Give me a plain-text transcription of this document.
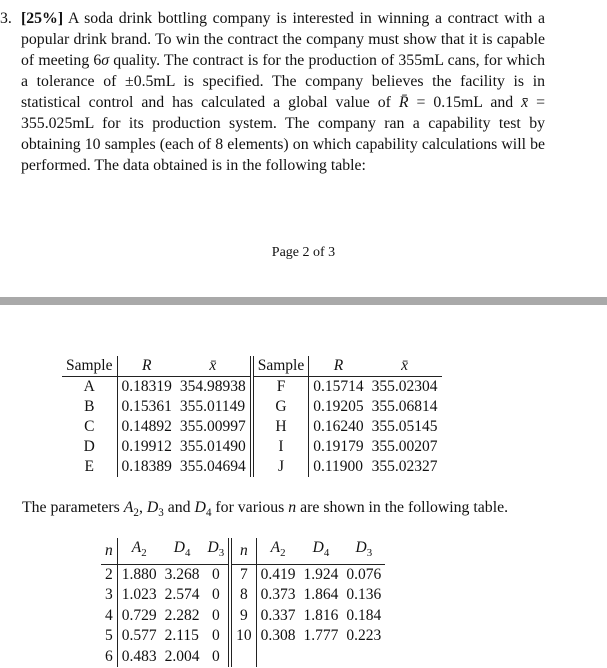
3. [25%] A soda drink bottling company is interested in winning a contract with a popular drink brand. To win the contract the company must show that it is capable of meeting 6σ quality. The contract is for the production of 355mL cans, for which a tolerance of ±0.5mL is specified. The company believes the facility is in statistical control and has calculated a global value of R̄ = 0.15mL and x̄ = 355.025mL for its production system. The company ran a capability test by obtaining 10 samples (each of 8 elements) on which capability calculations will be performed. The data obtained is in the following table:
Page 2 of 3
Sample	R	x̄	Sample	R	x̄
A	0.18319	354.98938	F	0.15714	355.02304
B	0.15361	355.01149	G	0.19205	355.06814
C	0.14892	355.00997	H	0.16240	355.05145
D	0.19912	355.01490	I	0.19179	355.00207
E	0.18389	355.04694	J	0.11900	355.02327
The parameters $A_2$, $D_3$ and $D_4$ for various n are shown in the following table.
n	$A_2$	$D_4$	$D_3$	n	$A_2$	$D_4$	$D_3$
2	1.880	3.268	0	7	0.419	1.924	0.076
3	1.023	2.574	0	8	0.373	1.864	0.136
4	0.729	2.282	0	9	0.337	1.816	0.184
5	0.577	2.115	0	10	0.308	1.777	0.223
6	0.483	2.004	0				
